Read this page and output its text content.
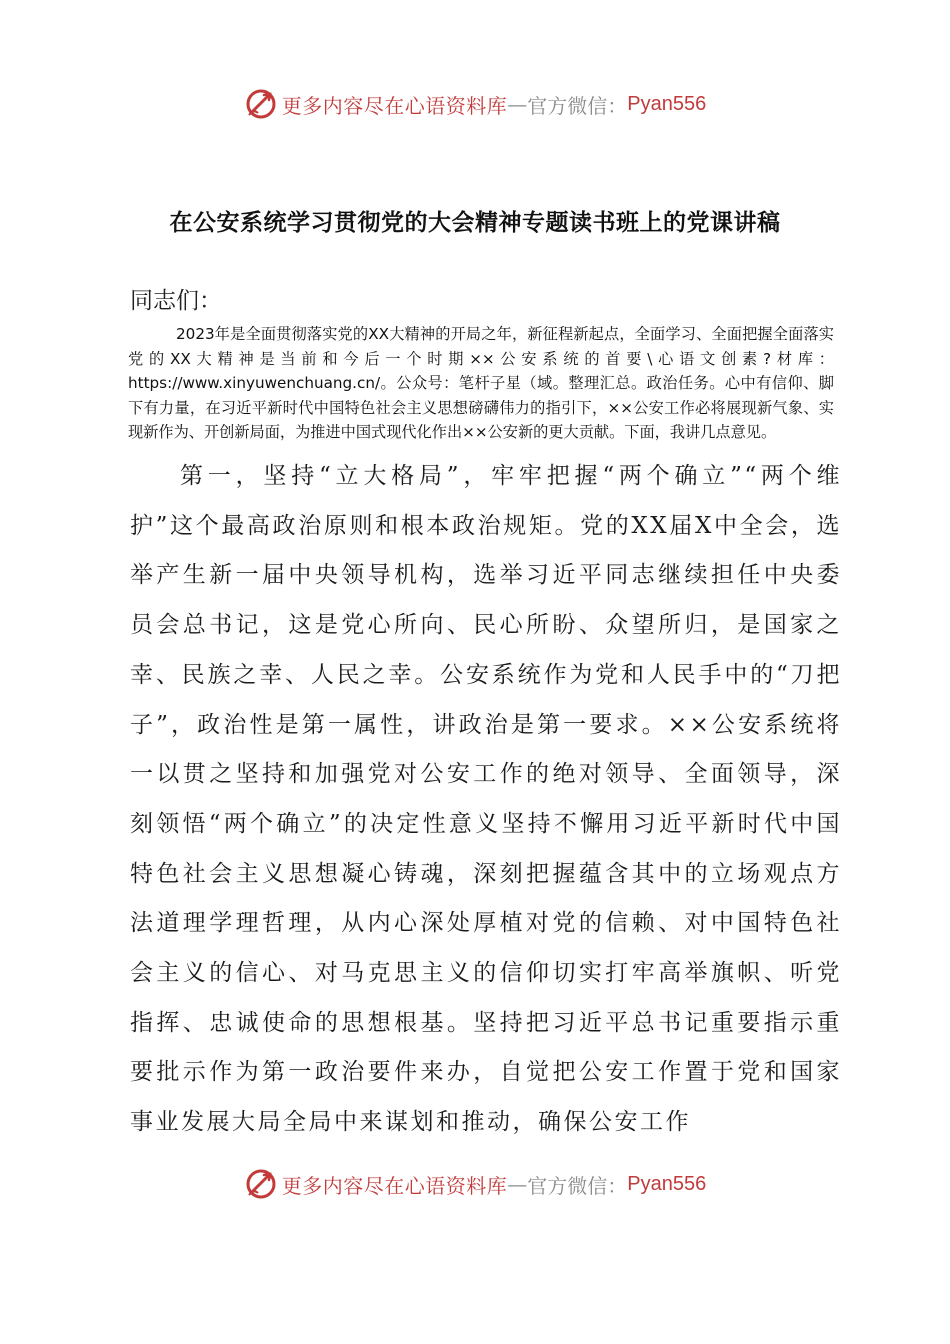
更多内容尽在心语资料库 — 官方微信： Pyan556
在公安系统学习贯彻党的大会精神专题读书班上的党课讲稿
同志们：
2023年是全面贯彻落实党的XX大精神的开局之年，新征程新起点，全面学习、全面把握全面落实党的XX大精神是当前和今后一个时期××公安系统的首要\心语文创素?材库：https://www.xinyuwenchuang.cn/。公众号：笔杆子星（域。整理汇总。政治任务。心中有信仰、脚下有力量，在习近平新时代中国特色社会主义思想磅礴伟力的指引下，××公安工作必将展现新气象、实现新作为、开创新局面，为推进中国式现代化作出××公安新的更大贡献。下面，我讲几点意见。
第一，坚持“立大格局”，牢牢把握“两个确立”“两个维护”这个最高政治原则和根本政治规矩。党的XX届X中全会，选举产生新一届中央领导机构，选举习近平同志继续担任中央委员会总书记，这是党心所向、民心所盼、众望所归，是国家之幸、民族之幸、人民之幸。公安系统作为党和人民手中的“刀把子”，政治性是第一属性，讲政治是第一要求。××公安系统将一以贯之坚持和加强党对公安工作的绝对领导、全面领导，深刻领悟“两个确立”的决定性意义坚持不懈用习近平新时代中国特色社会主义思想凝心铸魂，深刻把握蕴含其中的立场观点方法道理学理哲理，从内心深处厚植对党的信赖、对中国特色社会主义的信心、对马克思主义的信仰切实打牢高举旗帜、听党指挥、忠诚使命的思想根基。坚持把习近平总书记重要指示重要批示作为第一政治要件来办，自觉把公安工作置于党和国家事业发展大局全局中来谋划和推动，确保公安工作
更多内容尽在心语资料库 — 官方微信： Pyan556
